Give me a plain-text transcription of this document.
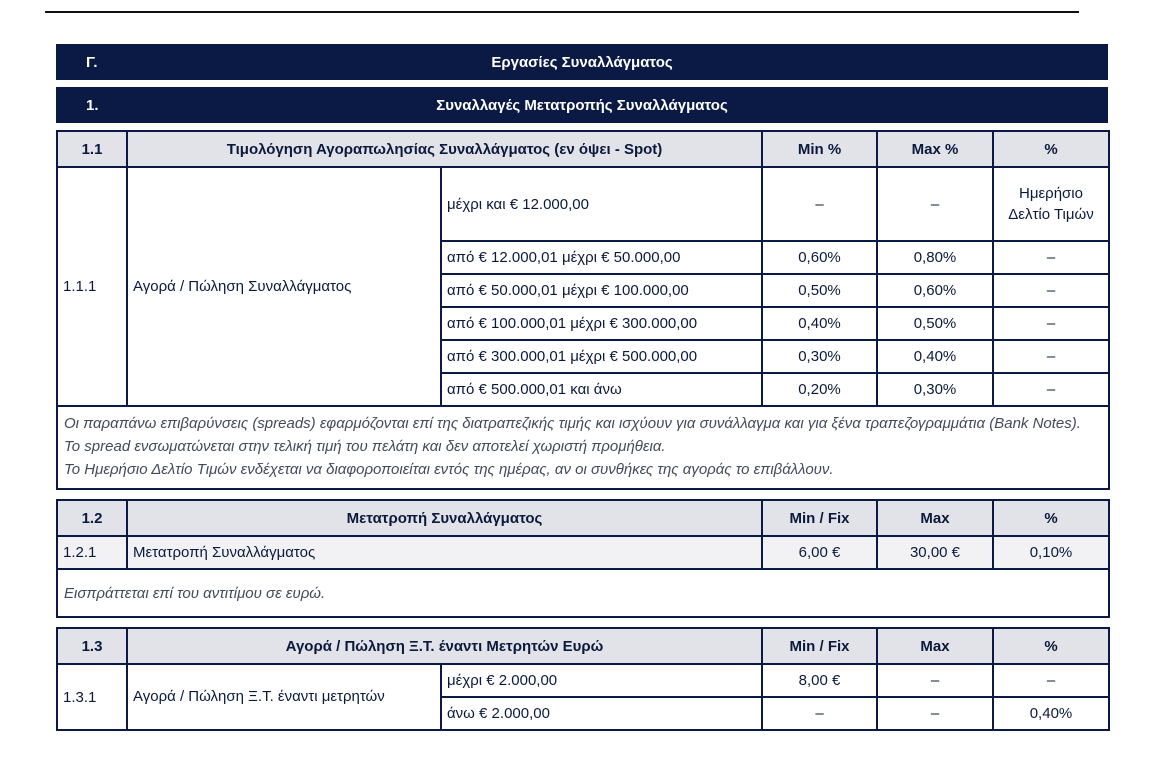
Γ.	Εργασίες Συναλλάγματος
1.	Συναλλαγές Μετατροπής Συναλλάγματος
1.1	Τιμολόγηση Αγοραπωλησίας Συναλλάγματος (εν όψει - Spot)		Min %	Max %	%
1.1.1	Αγορά / Πώληση Συναλλάγματος	μέχρι και € 12.000,00	–	–	Ημερήσιο Δελτίο Τιμών
		από € 12.000,01 μέχρι € 50.000,00	0,60%	0,80%	–
		από € 50.000,01 μέχρι € 100.000,00	0,50%	0,60%	–
		από € 100.000,01 μέχρι € 300.000,00	0,40%	0,50%	–
		από € 300.000,01 μέχρι € 500.000,00	0,30%	0,40%	–
		από € 500.000,01 και άνω	0,20%	0,30%	–

Οι παραπάνω επιβαρύνσεις (spreads) εφαρμόζονται επί της διατραπεζικής τιμής και ισχύουν για συνάλλαγμα και για ξένα τραπεζογραμμάτια (Bank Notes).

Το spread ενσωματώνεται στην τελική τιμή του πελάτη και δεν αποτελεί χωριστή προμήθεια.

Το Ημερήσιο Δελτίο Τιμών ενδέχεται να διαφοροποιείται εντός της ημέρας, αν οι συνθήκες της αγοράς το επιβάλλουν.					

1.2	Μετατροπή Συναλλάγματος	Min / Fix	Max	%
1.2.1	Μετατροπή Συναλλάγματος	6,00 €	30,00 €	0,10%
Εισπράττεται επί του αντιτίμου σε ευρώ.				
1.3	Αγορά / Πώληση Ξ.Τ. έναντι Μετρητών Ευρώ		Min / Fix	Max	%
1.3.1	Αγορά / Πώληση Ξ.Τ. έναντι μετρητών	μέχρι € 2.000,00	8,00 €	–	–
		άνω € 2.000,00	–	–	0,40%
